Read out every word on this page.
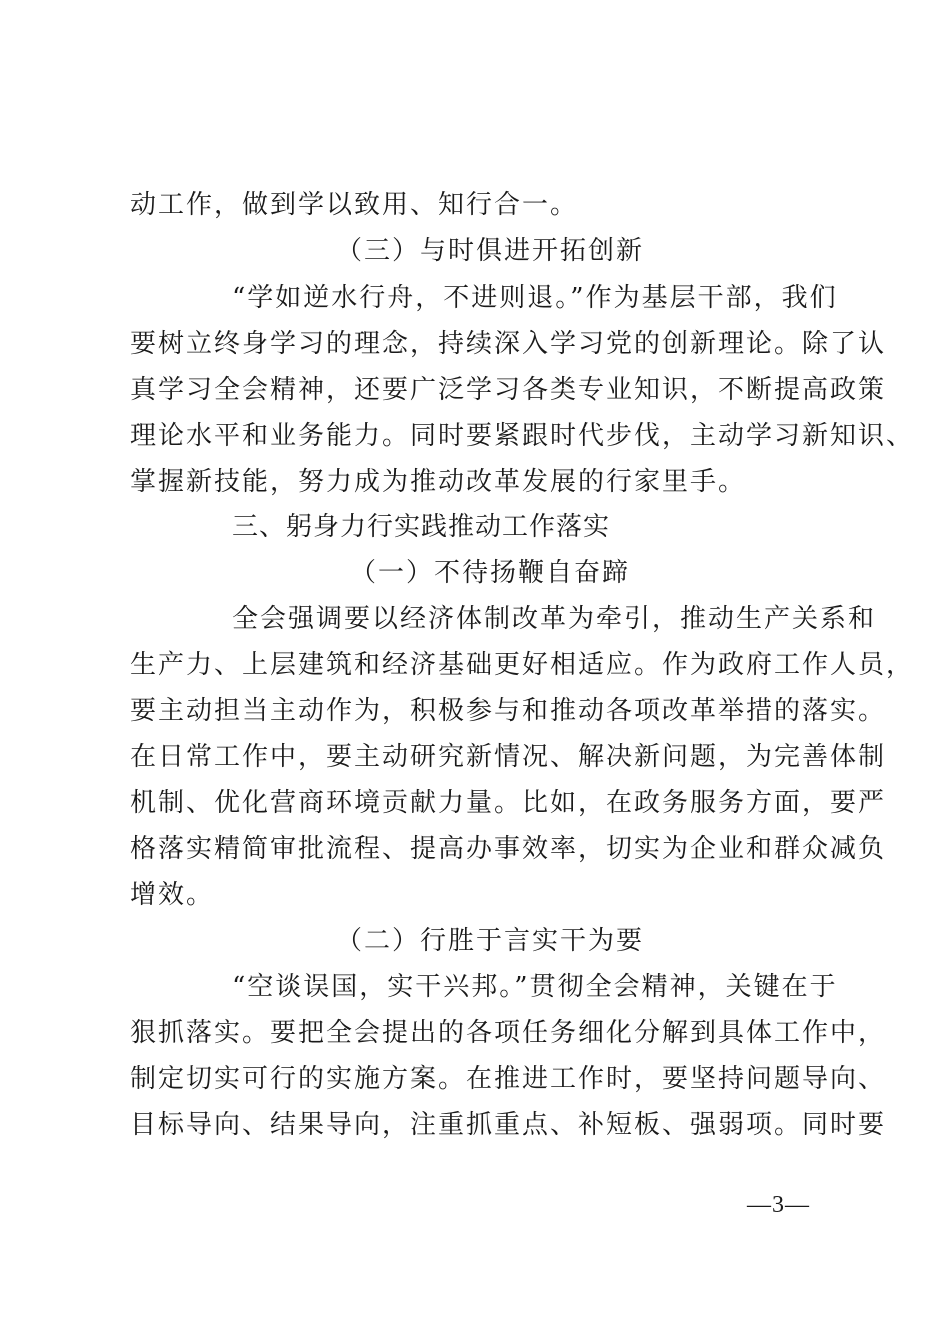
动工作，做到学以致用、知行合一。
（三）与时俱进开拓创新
“学如逆水行舟，不进则退。”作为基层干部，我们
要树立终身学习的理念，持续深入学习党的创新理论。除了认
真学习全会精神，还要广泛学习各类专业知识，不断提高政策
理论水平和业务能力。同时要紧跟时代步伐，主动学习新知识、
掌握新技能，努力成为推动改革发展的行家里手。
三、躬身力行实践推动工作落实
（一）不待扬鞭自奋蹄
全会强调要以经济体制改革为牵引，推动生产关系和
生产力、上层建筑和经济基础更好相适应。作为政府工作人员，
要主动担当主动作为，积极参与和推动各项改革举措的落实。
在日常工作中，要主动研究新情况、解决新问题，为完善体制
机制、优化营商环境贡献力量。比如，在政务服务方面，要严
格落实精简审批流程、提高办事效率，切实为企业和群众减负
增效。
（二）行胜于言实干为要
“空谈误国，实干兴邦。”贯彻全会精神，关键在于
狠抓落实。要把全会提出的各项任务细化分解到具体工作中，
制定切实可行的实施方案。在推进工作时，要坚持问题导向、
目标导向、结果导向，注重抓重点、补短板、强弱项。同时要
—3—
